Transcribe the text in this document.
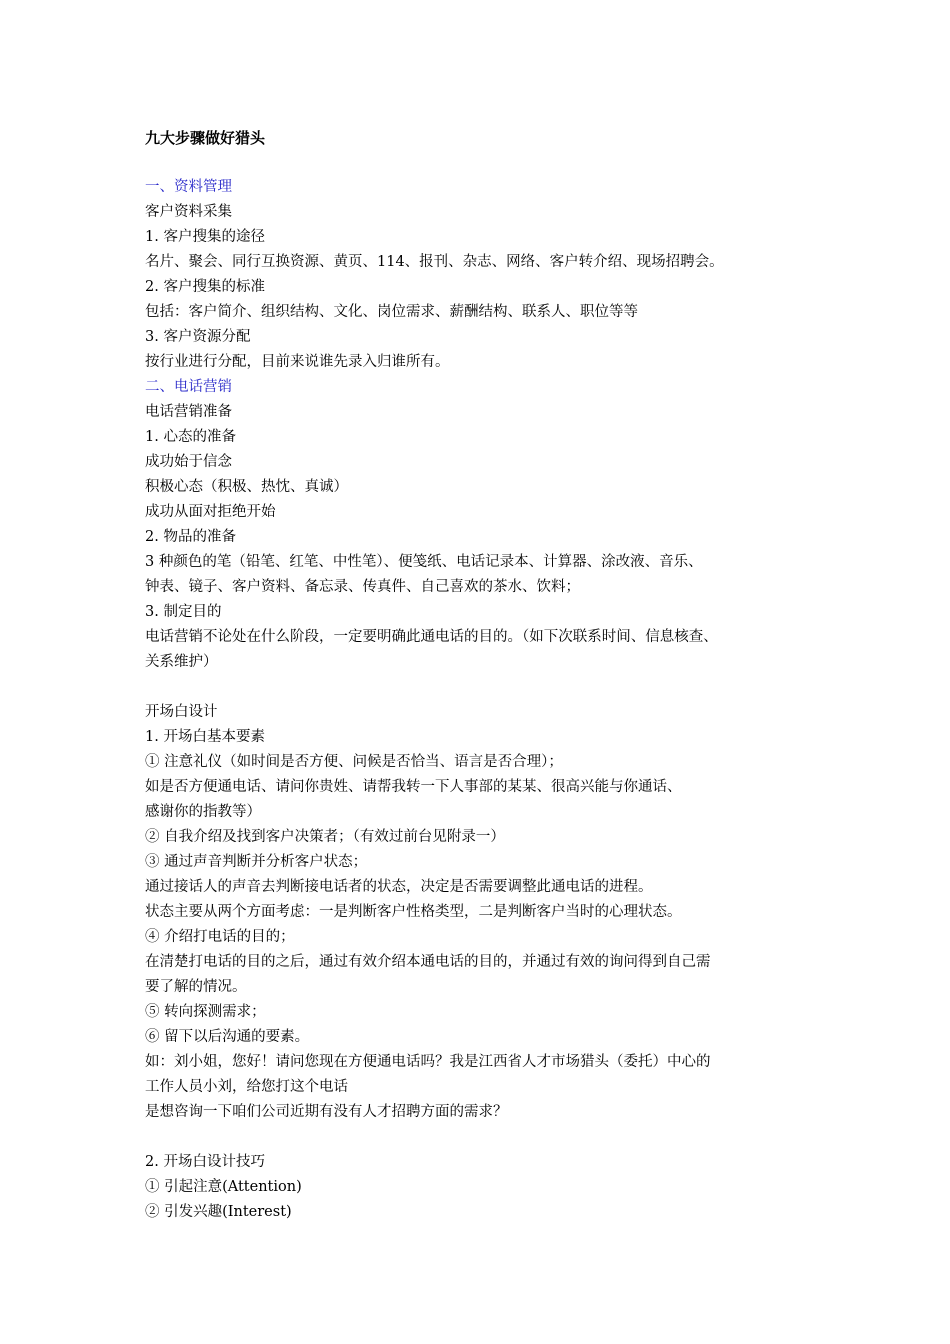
九大步骤做好猎头
一、资料管理
客户资料采集
1. 客户搜集的途径
名片、聚会、同行互换资源、黄页、114、报刊、杂志、网络、客户转介绍、现场招聘会。
2. 客户搜集的标准
包括：客户简介、组织结构、文化、岗位需求、薪酬结构、联系人、职位等等
3. 客户资源分配
按行业进行分配，目前来说谁先录入归谁所有。
二、电话营销
电话营销准备
1. 心态的准备
成功始于信念
积极心态（积极、热忱、真诚）
成功从面对拒绝开始
2. 物品的准备
3 种颜色的笔（铅笔、红笔、中性笔）、便笺纸、电话记录本、计算器、涂改液、音乐、
钟表、镜子、客户资料、备忘录、传真件、自己喜欢的茶水、饮料；
3. 制定目的
电话营销不论处在什么阶段，一定要明确此通电话的目的。（如下次联系时间、信息核查、
关系维护）
开场白设计
1. 开场白基本要素
① 注意礼仪（如时间是否方便、问候是否恰当、语言是否合理）；
如是否方便通电话、请问你贵姓、请帮我转一下人事部的某某、很高兴能与你通话、
感谢你的指教等）
② 自我介绍及找到客户决策者；（有效过前台见附录一）
③ 通过声音判断并分析客户状态；
通过接话人的声音去判断接电话者的状态，决定是否需要调整此通电话的进程。
状态主要从两个方面考虑：一是判断客户性格类型，二是判断客户当时的心理状态。
④ 介绍打电话的目的；
在清楚打电话的目的之后，通过有效介绍本通电话的目的，并通过有效的询问得到自己需
要了解的情况。
⑤ 转向探测需求；
⑥ 留下以后沟通的要素。
如：刘小姐，您好！请问您现在方便通电话吗？我是江西省人才市场猎头（委托）中心的
工作人员小刘，给您打这个电话
是想咨询一下咱们公司近期有没有人才招聘方面的需求？
2. 开场白设计技巧
① 引起注意(Attention)
② 引发兴趣(Interest)
